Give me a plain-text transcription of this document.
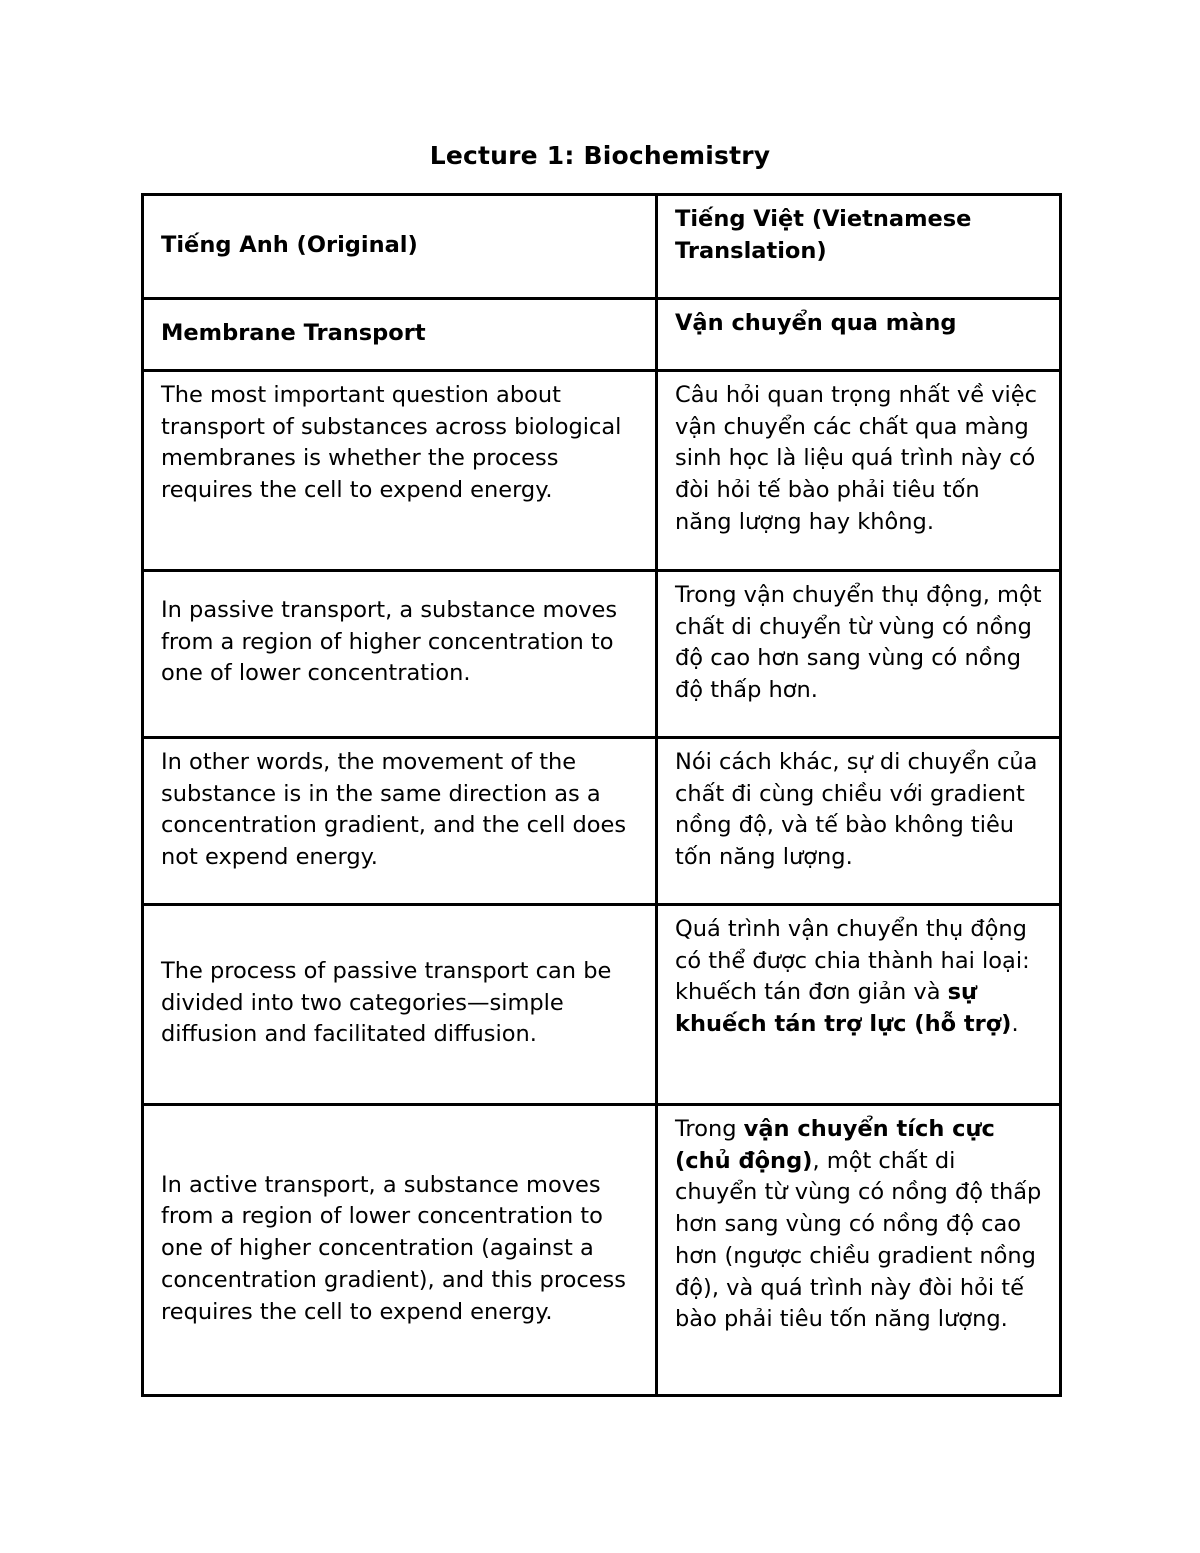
Lecture 1: Biochemistry
Tiếng Anh (Original)	Tiếng Việt (Vietnamese Translation)
Membrane Transport	Vận chuyển qua màng
The most important question about transport of substances across biological membranes is whether the process requires the cell to expend energy.	Câu hỏi quan trọng nhất về việc vận chuyển các chất qua màng sinh học là liệu quá trình này có đòi hỏi tế bào phải tiêu tốn năng lượng hay không.
In passive transport, a substance moves from a region of higher concentration to one of lower concentration.	Trong vận chuyển thụ động, một chất di chuyển từ vùng có nồng độ cao hơn sang vùng có nồng độ thấp hơn.
In other words, the movement of the substance is in the same direction as a concentration gradient, and the cell does not expend energy.	Nói cách khác, sự di chuyển của chất đi cùng chiều với gradient nồng độ, và tế bào không tiêu tốn năng lượng.
The process of passive transport can be divided into two categories—simple diffusion and facilitated diffusion.	Quá trình vận chuyển thụ động có thể được chia thành hai loại: khuếch tán đơn giản và sự khuếch tán trợ lực (hỗ trợ).
In active transport, a substance moves from a region of lower concentration to one of higher concentration (against a concentration gradient), and this process requires the cell to expend energy.	Trong vận chuyển tích cực (chủ động), một chất di chuyển từ vùng có nồng độ thấp hơn sang vùng có nồng độ cao hơn (ngược chiều gradient nồng độ), và quá trình này đòi hỏi tế bào phải tiêu tốn năng lượng.
